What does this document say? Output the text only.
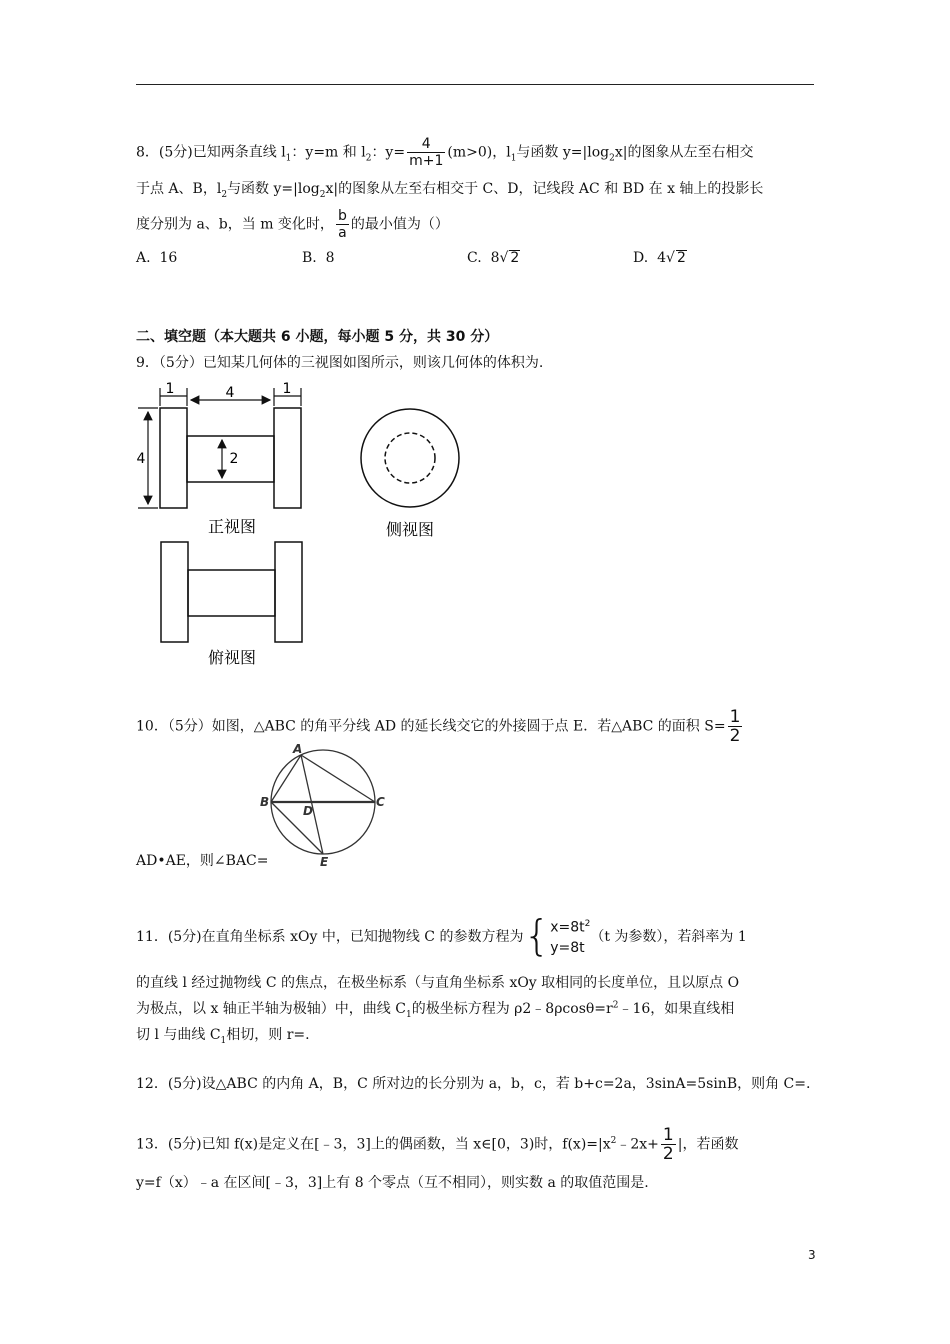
8．(5分)已知两条直线 $l_1$：y=m 和 $l_2$：$y= \frac{4}{m+1} (m>0)$，$l_1$与函数 $y=|\log_2x|$的图象从左至右相交
于点 A、B，$l_2$与函数 $y=|\log_2x|$的图象从左至右相交于 C、D，记线段 AC 和 BD 在 x 轴上的投影长
度分别为 a、b，当 m 变化时， $\frac{b}{a}$ 的最小值为（）
A. 16	B. 8	C. 8√ 2	D. 4√ 2
二、填空题（本大题共 6 小题，每小题 5 分，共 30 分）
9．（5分）已知某几何体的三视图如图所示，则该几何体的体积为.
1	4	1
4	2
正视图	侧视图
俯视图
10．（5分）如图，△ABC 的角平分线 AD 的延长线交它的外接圆于点 E．若△ABC 的面积 $S= \frac{1}{2}$
A
B
D
C
E
AD•AE，则∠BAC=
11．(5分)在直角坐标系 xOy 中，已知抛物线 C 的参数方程为{ $x=8t^2$
y=8t
（t 为参数），若斜率为 1
的直线 l 经过抛物线 C 的焦点，在极坐标系（与直角坐标系 xOy 取相同的长度单位，且以原点 O
为极点，以 x 轴正半轴为极轴）中，曲线 $C_1$的极坐标方程为 $\rho 2﹣8\rho\cos\theta=r^2﹣16$，如果直线相
切 l 与曲线 $C_1$相切，则 r=.
12．(5分)设△ABC 的内角 A，B，C 所对边的长分别为 a，b，c，若 b+c=2a，3sinA=5sinB，则角 C=.
13．(5分)已知 f(x)是定义在[﹣3，3]上的偶函数，当 x∈[0，3)时，$f(x)=|x^2﹣2x+ \frac{1}{2}$ |，若函数
y=f（x）﹣a 在区间[﹣3，3]上有 8 个零点（互不相同），则实数 a 的取值范围是.
3
